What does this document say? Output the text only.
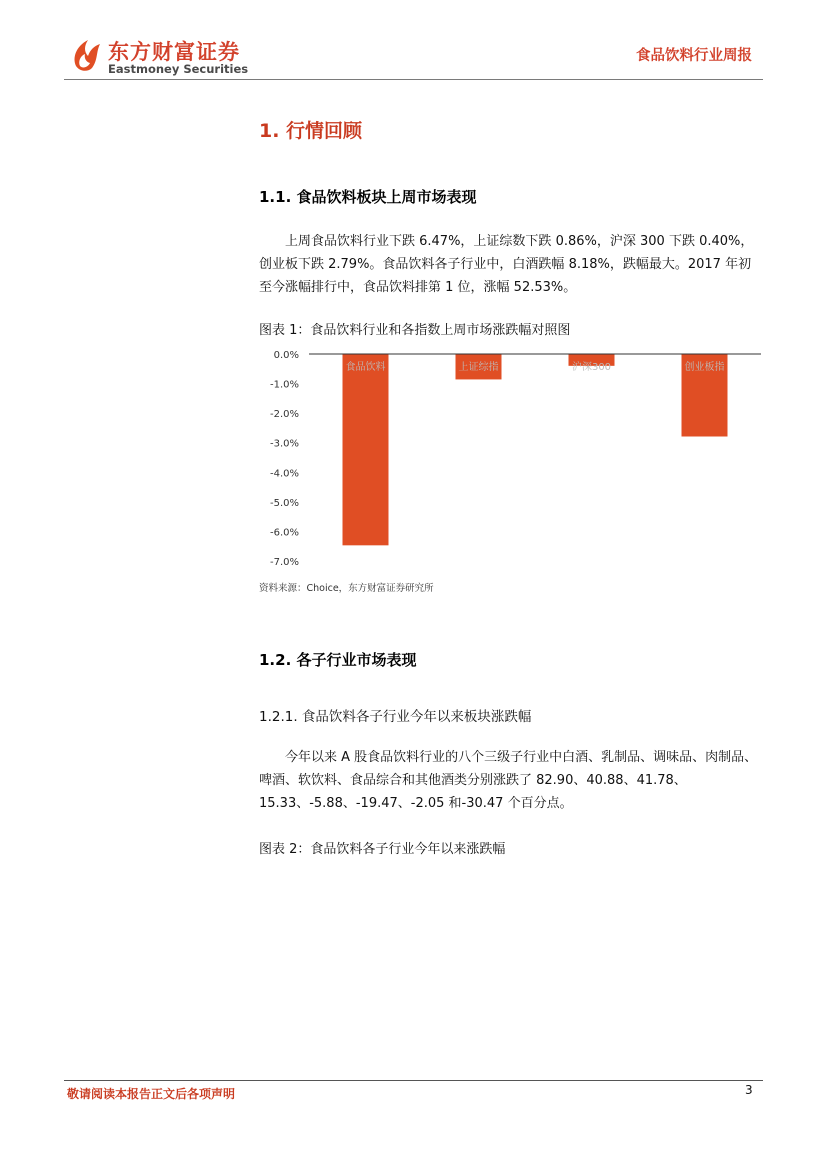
东方财富证券
Eastmoney Securities
食品饮料行业周报
1. 行情回顾
1.1. 食品饮料板块上周市场表现

上周食品饮料行业下跌 6.47%，上证综数下跌 0.86%，沪深 300 下跌 0.40%，创业板下跌 2.79%。食品饮料各子行业中，白酒跌幅 8.18%，跌幅最大。2017 年初至今涨幅排行中，食品饮料排第 1 位，涨幅 52.53%。

图表 1：食品饮料行业和各指数上周市场涨跌幅对照图
0.0%
-1.0%
-2.0%
-3.0%
-4.0%
-5.0%
-6.0%
-7.0%
食品饮料	上证综指	沪深300	创业板指
资料来源：Choice，东方财富证券研究所
1.2. 各子行业市场表现
1.2.1. 食品饮料各子行业今年以来板块涨跌幅

今年以来 A 股食品饮料行业的八个三级子行业中白酒、乳制品、调味品、肉制品、啤酒、软饮料、食品综合和其他酒类分别涨跌了 82.90、40.88、41.78、15.33、-5.88、-19.47、-2.05 和-30.47 个百分点。

图表 2：食品饮料各子行业今年以来涨跌幅
敬请阅读本报告正文后各项声明	3
